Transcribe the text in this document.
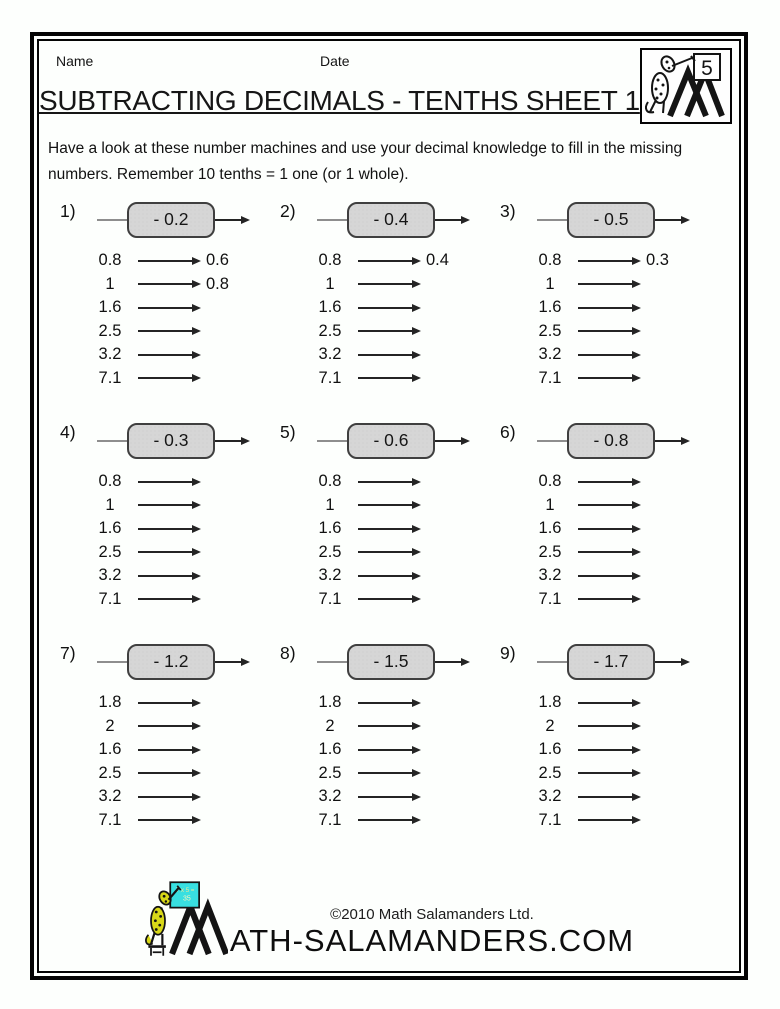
Name	Date	5
SUBTRACTING DECIMALS - TENTHS SHEET 1
Have a look at these number machines and use your decimal knowledge to fill in the missing
numbers. Remember 10 tenths = 1 one (or 1 whole).
1)	- 0.2
0.8	0.6
1	0.8
1.6
2.5
3.2
7.1
2)	- 0.4
0.8	0.4
1
1.6
2.5
3.2
7.1
3)	- 0.5
0.8	0.3
1
1.6
2.5
3.2
7.1
4)	- 0.3
0.8
1
1.6
2.5
3.2
7.1
5)	- 0.6
0.8
1
1.6
2.5
3.2
7.1
6)	- 0.8
0.8
1
1.6
2.5
3.2
7.1
7)	- 1.2
1.8
2
1.6
2.5
3.2
7.1
8)	- 1.5
1.8
2
1.6
2.5
3.2
7.1
9)	- 1.7
1.8
2
1.6
2.5
3.2
7.1
7 x 5 =
35
©2010 Math Salamanders Ltd.
ATH-SALAMANDERS.COM
